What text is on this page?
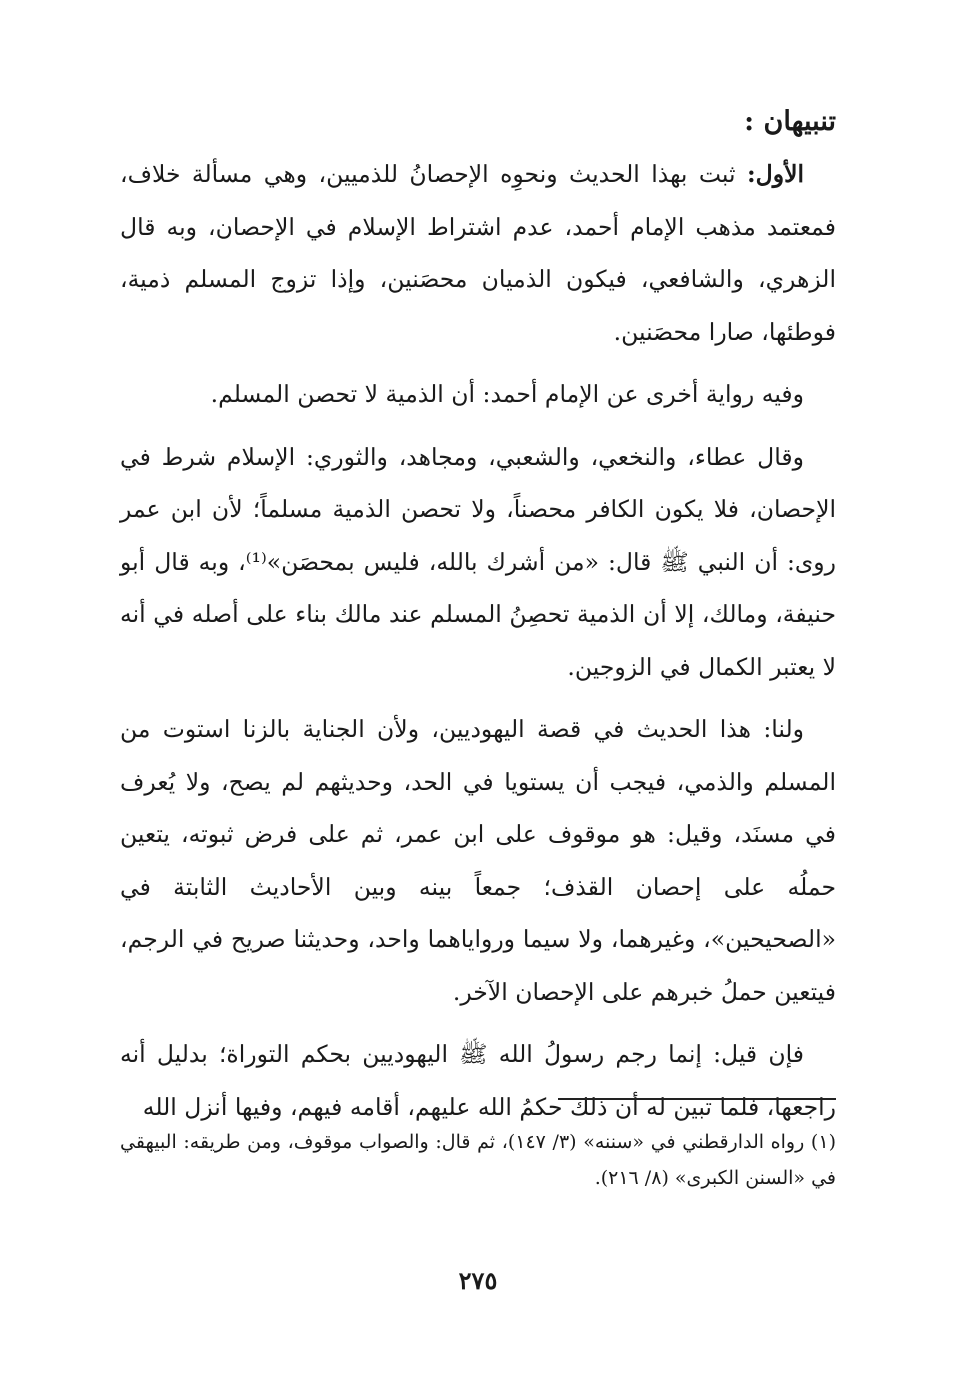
تنبيهان :

الأول: ثبت بهذا الحديث ونحوِه الإحصانُ للذميين، وهي مسألة خلاف، فمعتمد مذهب الإمام أحمد، عدم اشتراط الإسلام في الإحصان، وبه قال الزهري، والشافعي، فيكون الذميان محصَنين، وإذا تزوج المسلم ذمية، فوطئها، صارا محصَنين.

وفيه رواية أخرى عن الإمام أحمد: أن الذمية لا تحصن المسلم.

وقال عطاء، والنخعي، والشعبي، ومجاهد، والثوري: الإسلام شرط في الإحصان، فلا يكون الكافر محصناً، ولا تحصن الذمية مسلماً؛ لأن ابن عمر روى: أن النبي ﷺ قال: «من أشرك بالله، فليس بمحصَن»⁽¹⁾، وبه قال أبو حنيفة، ومالك، إلا أن الذمية تحصِنُ المسلم عند مالك بناء على أصله في أنه لا يعتبر الكمال في الزوجين.

ولنا: هذا الحديث في قصة اليهوديين، ولأن الجناية بالزنا استوت من المسلم والذمي، فيجب أن يستويا في الحد، وحديثهم لم يصح، ولا يُعرف في مسنَد، وقيل: هو موقوف على ابن عمر، ثم على فرض ثبوته، يتعين حملُه على إحصان القذف؛ جمعاً بينه وبين الأحاديث الثابتة في «الصحيحين»، وغيرهما، ولا سيما ورواياهما واحد، وحديثنا صريح في الرجم، فيتعين حملُ خبرهم على الإحصان الآخر.

فإن قيل: إنما رجم رسولُ الله ﷺ اليهوديين بحكم التوراة؛ بدليل أنه راجعها، فلما تبين له أن ذلك حكمُ الله عليهم، أقامه فيهم، وفيها أنزل الله

(١) رواه الدارقطني في «سننه» (٣/ ١٤٧)، ثم قال: والصواب موقوف، ومن طريقه: البيهقي في «السنن الكبرى» (٨/ ٢١٦).

٢٧٥
